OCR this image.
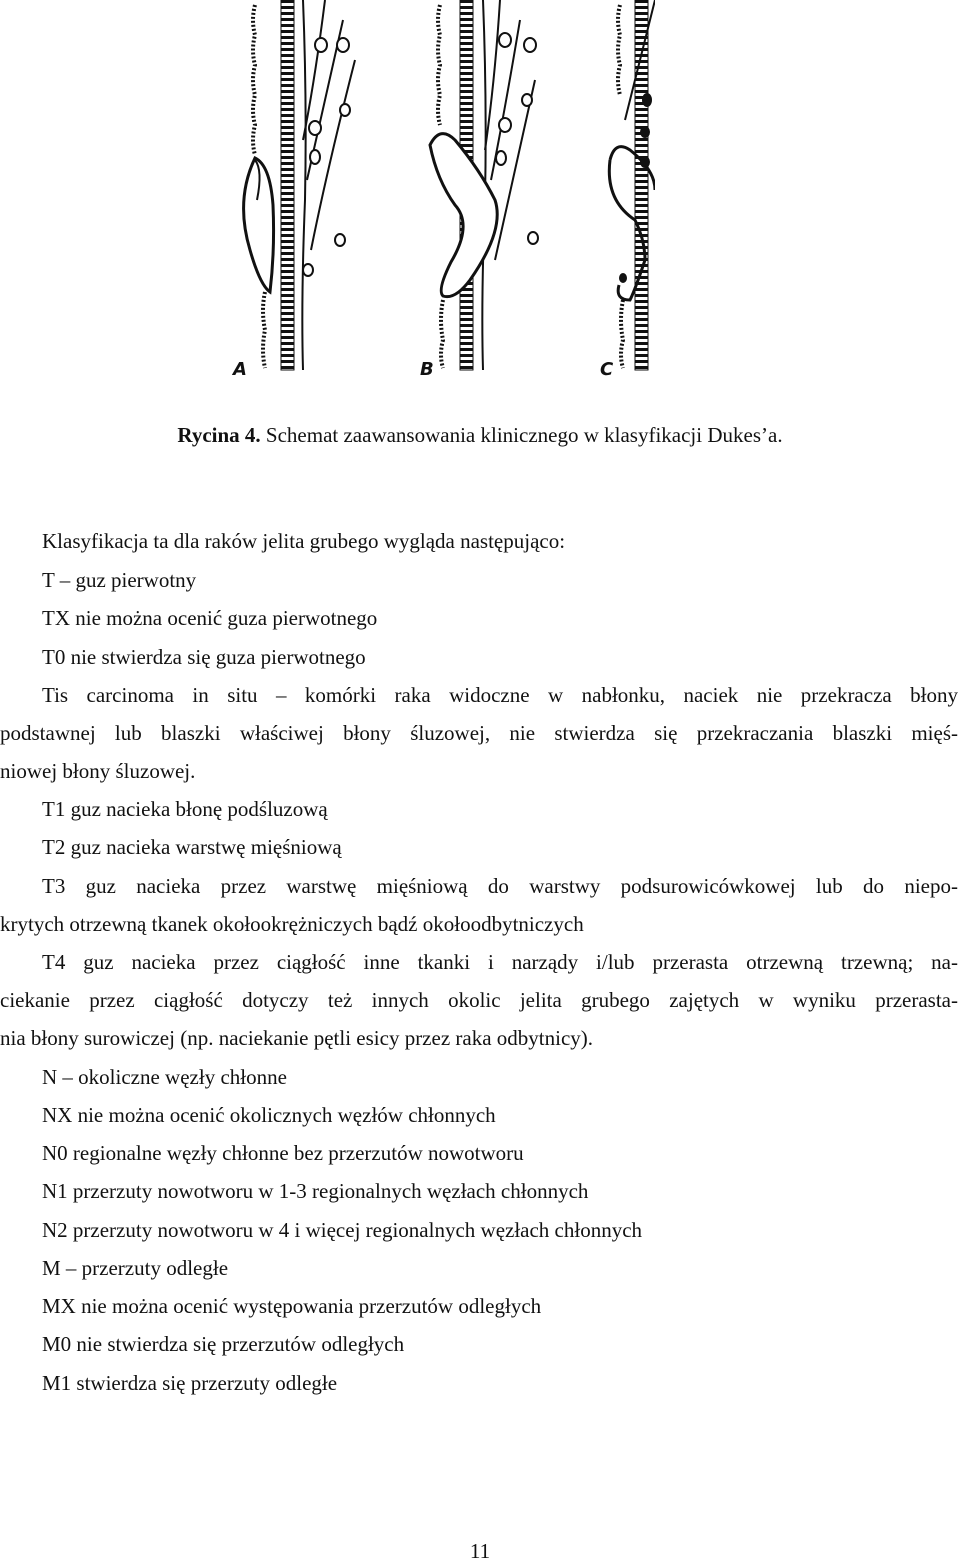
A	B	C
Rycina 4. Schemat zaawansowania klinicznego w klasyfikacji Dukes’a.
Klasyfikacja ta dla raków jelita grubego wygląda następująco:
T – guz pierwotny
TX nie można ocenić guza pierwotnego
T0 nie stwierdza się guza pierwotnego
Tis carcinoma in situ – komórki raka widoczne w nabłonku, naciek nie przekracza błony
podstawnej lub blaszki właściwej błony śluzowej, nie stwierdza się przekraczania blaszki mięś-
niowej błony śluzowej.
T1 guz nacieka błonę podśluzową
T2 guz nacieka warstwę mięśniową
T3 guz nacieka przez warstwę mięśniową do warstwy podsurowicówkowej lub do niepo-
krytych otrzewną tkanek okołookrężniczych bądź okołoodbytniczych
T4 guz nacieka przez ciągłość inne tkanki i narządy i/lub przerasta otrzewną trzewną; na-
ciekanie przez ciągłość dotyczy też innych okolic jelita grubego zajętych w wyniku przerasta-
nia błony surowiczej (np. naciekanie pętli esicy przez raka odbytnicy).
N – okoliczne węzły chłonne
NX nie można ocenić okolicznych węzłów chłonnych
N0 regionalne węzły chłonne bez przerzutów nowotworu
N1 przerzuty nowotworu w 1-3 regionalnych węzłach chłonnych
N2 przerzuty nowotworu w 4 i więcej regionalnych węzłach chłonnych
M – przerzuty odległe
MX nie można ocenić występowania przerzutów odległych
M0 nie stwierdza się przerzutów odległych
M1 stwierdza się przerzuty odległe
11
